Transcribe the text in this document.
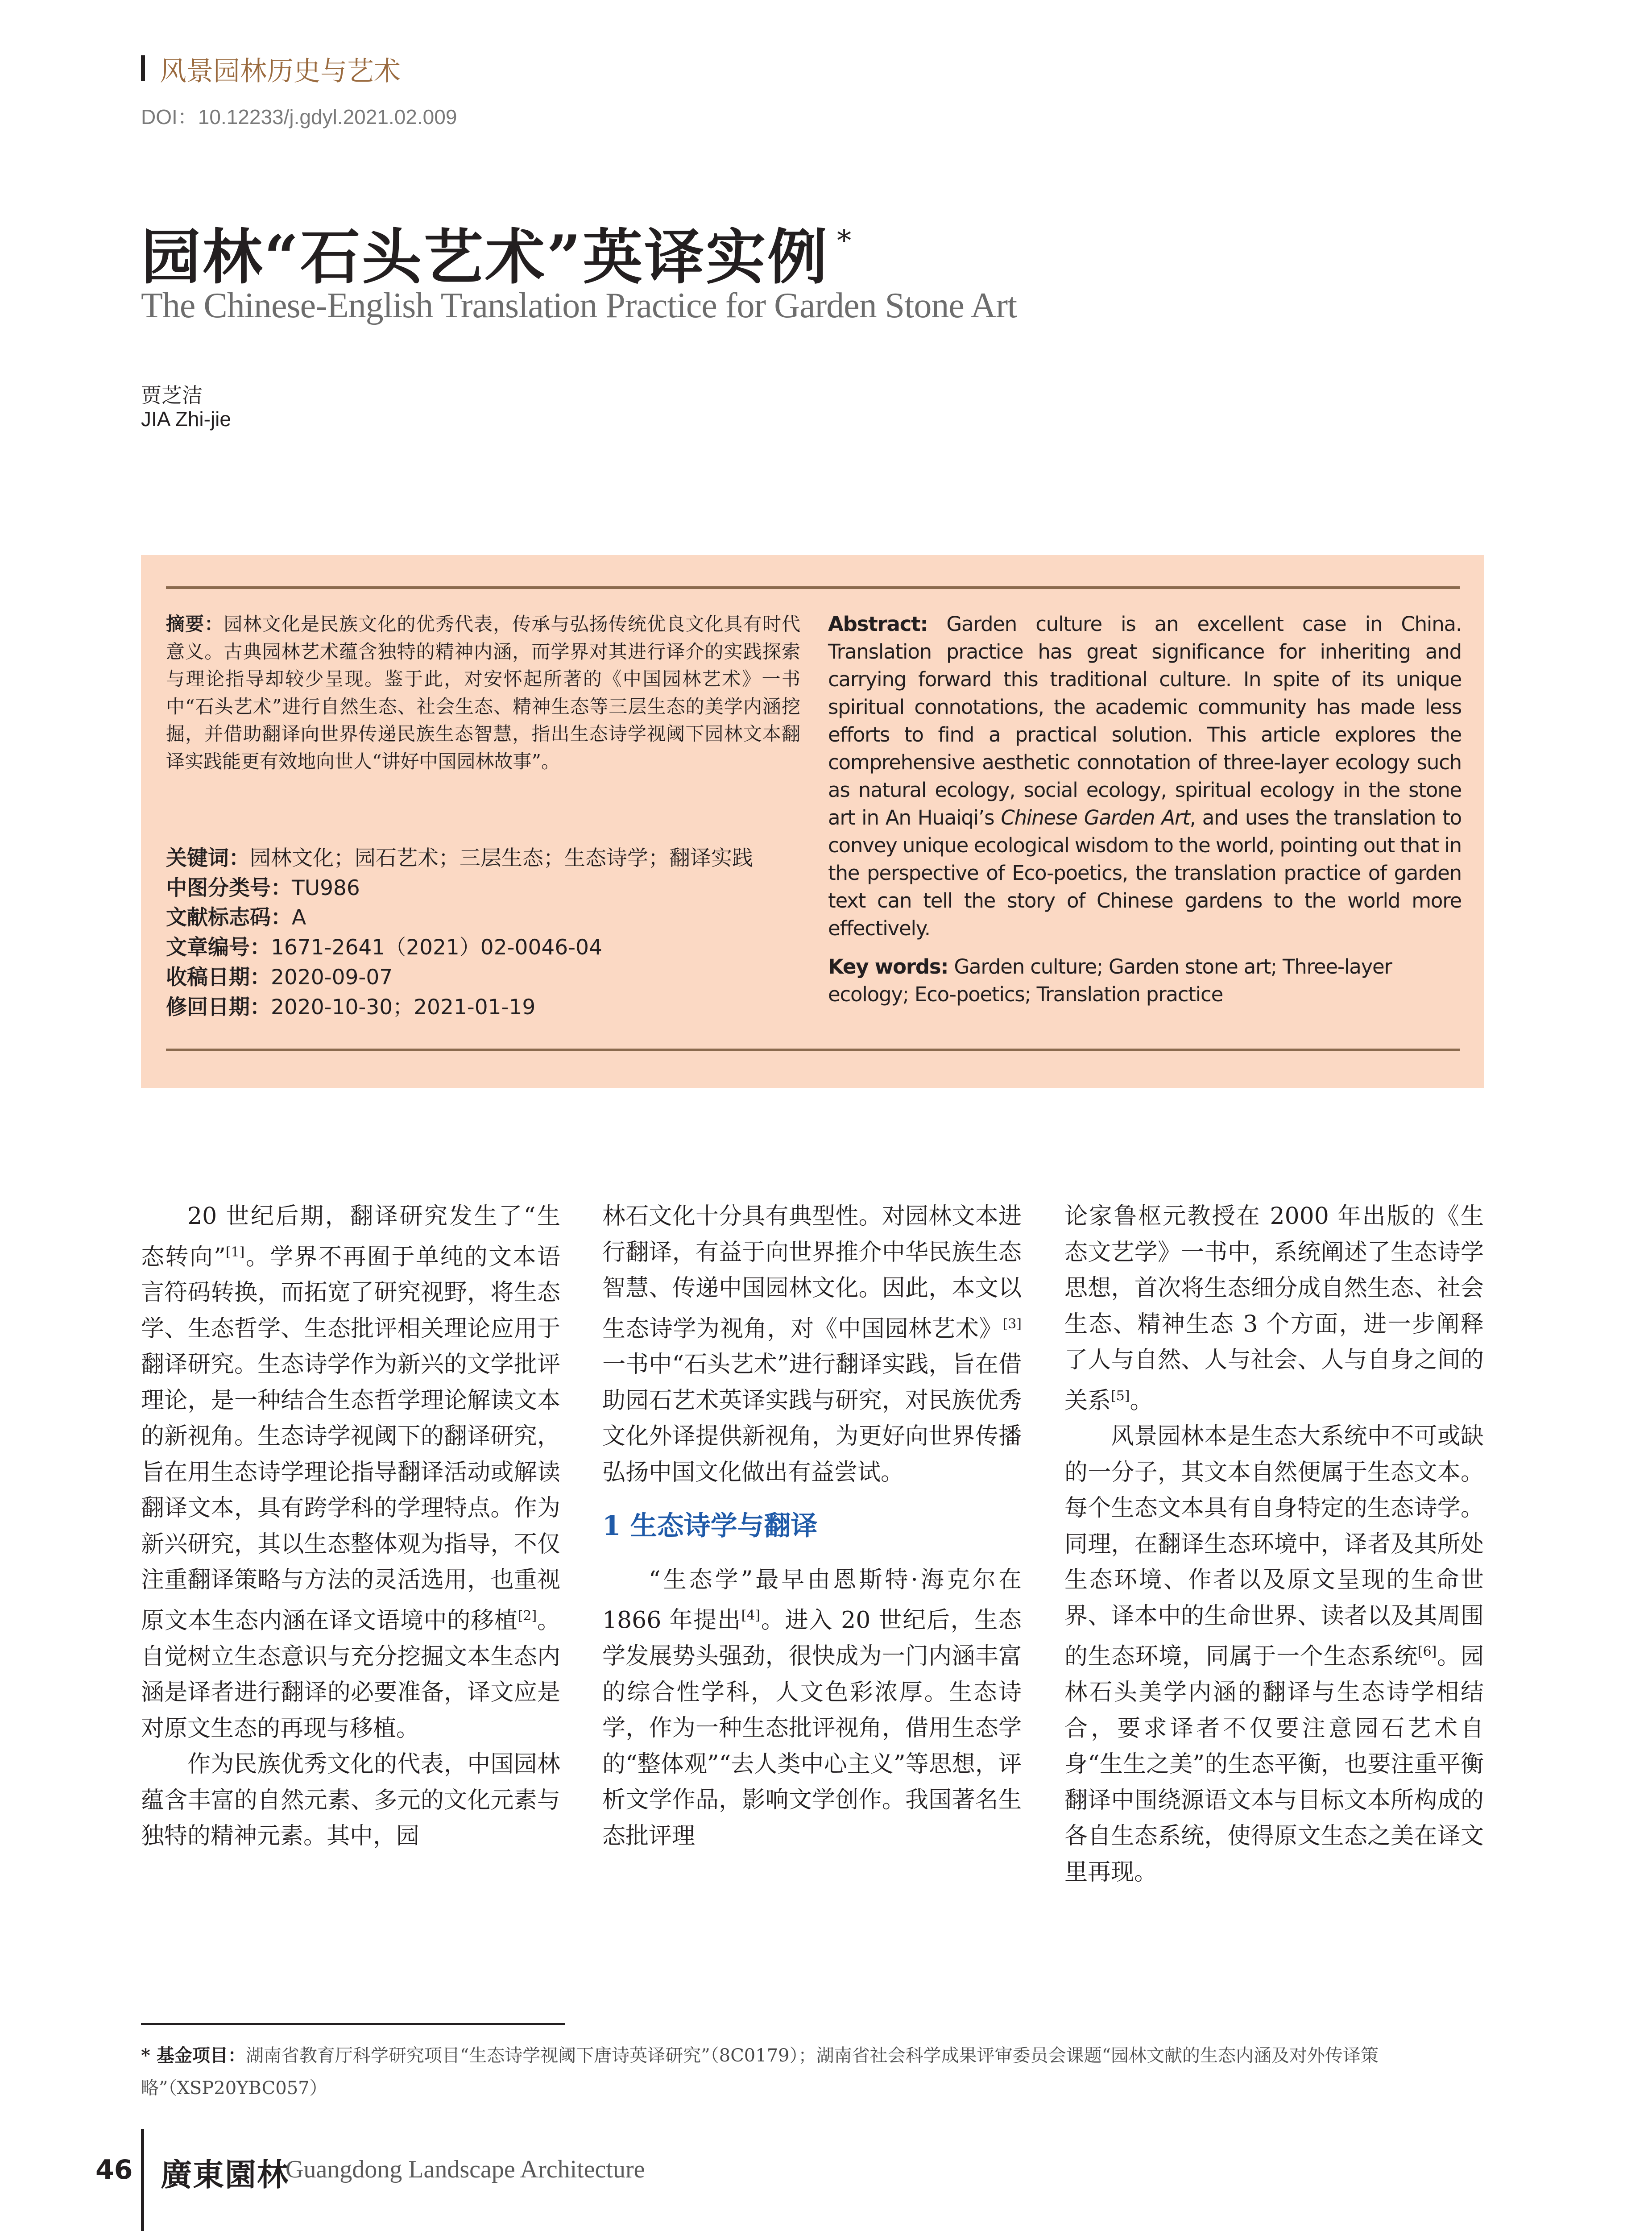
风景园林历史与艺术
DOI：10.12233/j.gdyl.2021.02.009
园林“石头艺术”英译实例 *
The Chinese-English Translation Practice for Garden Stone Art
贾芝洁
JIA Zhi-jie
摘要：园林文化是民族文化的优秀代表，传承与弘扬传统优良文化具有时代意义。古典园林艺术蕴含独特的精神内涵，而学界对其进行译介的实践探索与理论指导却较少呈现。鉴于此，对安怀起所著的《中国园林艺术》一书中“石头艺术”进行自然生态、社会生态、精神生态等三层生态的美学内涵挖掘，并借助翻译向世界传递民族生态智慧，指出生态诗学视阈下园林文本翻译实践能更有效地向世人“讲好中国园林故事”。
关键词：园林文化；园石艺术；三层生态；生态诗学；翻译实践
中图分类号：TU986
文献标志码：A
文章编号：1671-2641（2021）02-0046-04
收稿日期：2020-09-07
修回日期：2020-10-30；2021-01-19
Abstract: Garden culture is an excellent case in China. Translation practice has great significance for inheriting and carrying forward this traditional culture. In spite of its unique spiritual connotations, the academic community has made less efforts to find a practical solution. This article explores the comprehensive aesthetic connotation of three-layer ecology such as natural ecology, social ecology, spiritual ecology in the stone art in An Huaiqi’s Chinese Garden Art, and uses the translation to convey unique ecological wisdom to the world, pointing out that in the perspective of Eco-poetics, the translation practice of garden text can tell the story of Chinese gardens to the world more effectively.
Key words: Garden culture; Garden stone art; Three-layer ecology; Eco-poetics; Translation practice

20 世纪后期，翻译研究发生了“生态转向”[1]。学界不再囿于单纯的文本语言符码转换，而拓宽了研究视野，将生态学、生态哲学、生态批评相关理论应用于翻译研究。生态诗学作为新兴的文学批评理论，是一种结合生态哲学理论解读文本的新视角。生态诗学视阈下的翻译研究，旨在用生态诗学理论指导翻译活动或解读翻译文本，具有跨学科的学理特点。作为新兴研究，其以生态整体观为指导，不仅注重翻译策略与方法的灵活选用，也重视原文本生态内涵在译文语境中的移植[2]。自觉树立生态意识与充分挖掘文本生态内涵是译者进行翻译的必要准备，译文应是对原文生态的再现与移植。

作为民族优秀文化的代表，中国园林蕴含丰富的自然元素、多元的文化元素与独特的精神元素。其中，园

林石文化十分具有典型性。对园林文本进行翻译，有益于向世界推介中华民族生态智慧、传递中国园林文化。因此，本文以生态诗学为视角，对《中国园林艺术》[3]一书中“石头艺术”进行翻译实践，旨在借助园石艺术英译实践与研究，对民族优秀文化外译提供新视角，为更好向世界传播弘扬中国文化做出有益尝试。

1 生态诗学与翻译

“生态学”最早由恩斯特·海克尔在 1866 年提出[4]。进入 20 世纪后，生态学发展势头强劲，很快成为一门内涵丰富的综合性学科，人文色彩浓厚。生态诗学，作为一种生态批评视角，借用生态学的“整体观”“去人类中心主义”等思想，评析文学作品，影响文学创作。我国著名生态批评理

论家鲁枢元教授在 2000 年出版的《生态文艺学》一书中，系统阐述了生态诗学思想，首次将生态细分成自然生态、社会生态、精神生态 3 个方面，进一步阐释了人与自然、人与社会、人与自身之间的关系[5]。

风景园林本是生态大系统中不可或缺的一分子，其文本自然便属于生态文本。每个生态文本具有自身特定的生态诗学。同理，在翻译生态环境中，译者及其所处生态环境、作者以及原文呈现的生命世界、译本中的生命世界、读者以及其周围的生态环境，同属于一个生态系统[6]。园林石头美学内涵的翻译与生态诗学相结合，要求译者不仅要注意园石艺术自身“生生之美”的生态平衡，也要注重平衡翻译中围绕源语文本与目标文本所构成的各自生态系统，使得原文生态之美在译文里再现。

* 基金项目：湖南省教育厅科学研究项目“生态诗学视阈下唐诗英译研究”（8C0179）；湖南省社会科学成果评审委员会课题“园林文献的生态内涵及对外传译策略”（XSP20YBC057）
46 廣東園林
Guangdong Landscape Architecture
